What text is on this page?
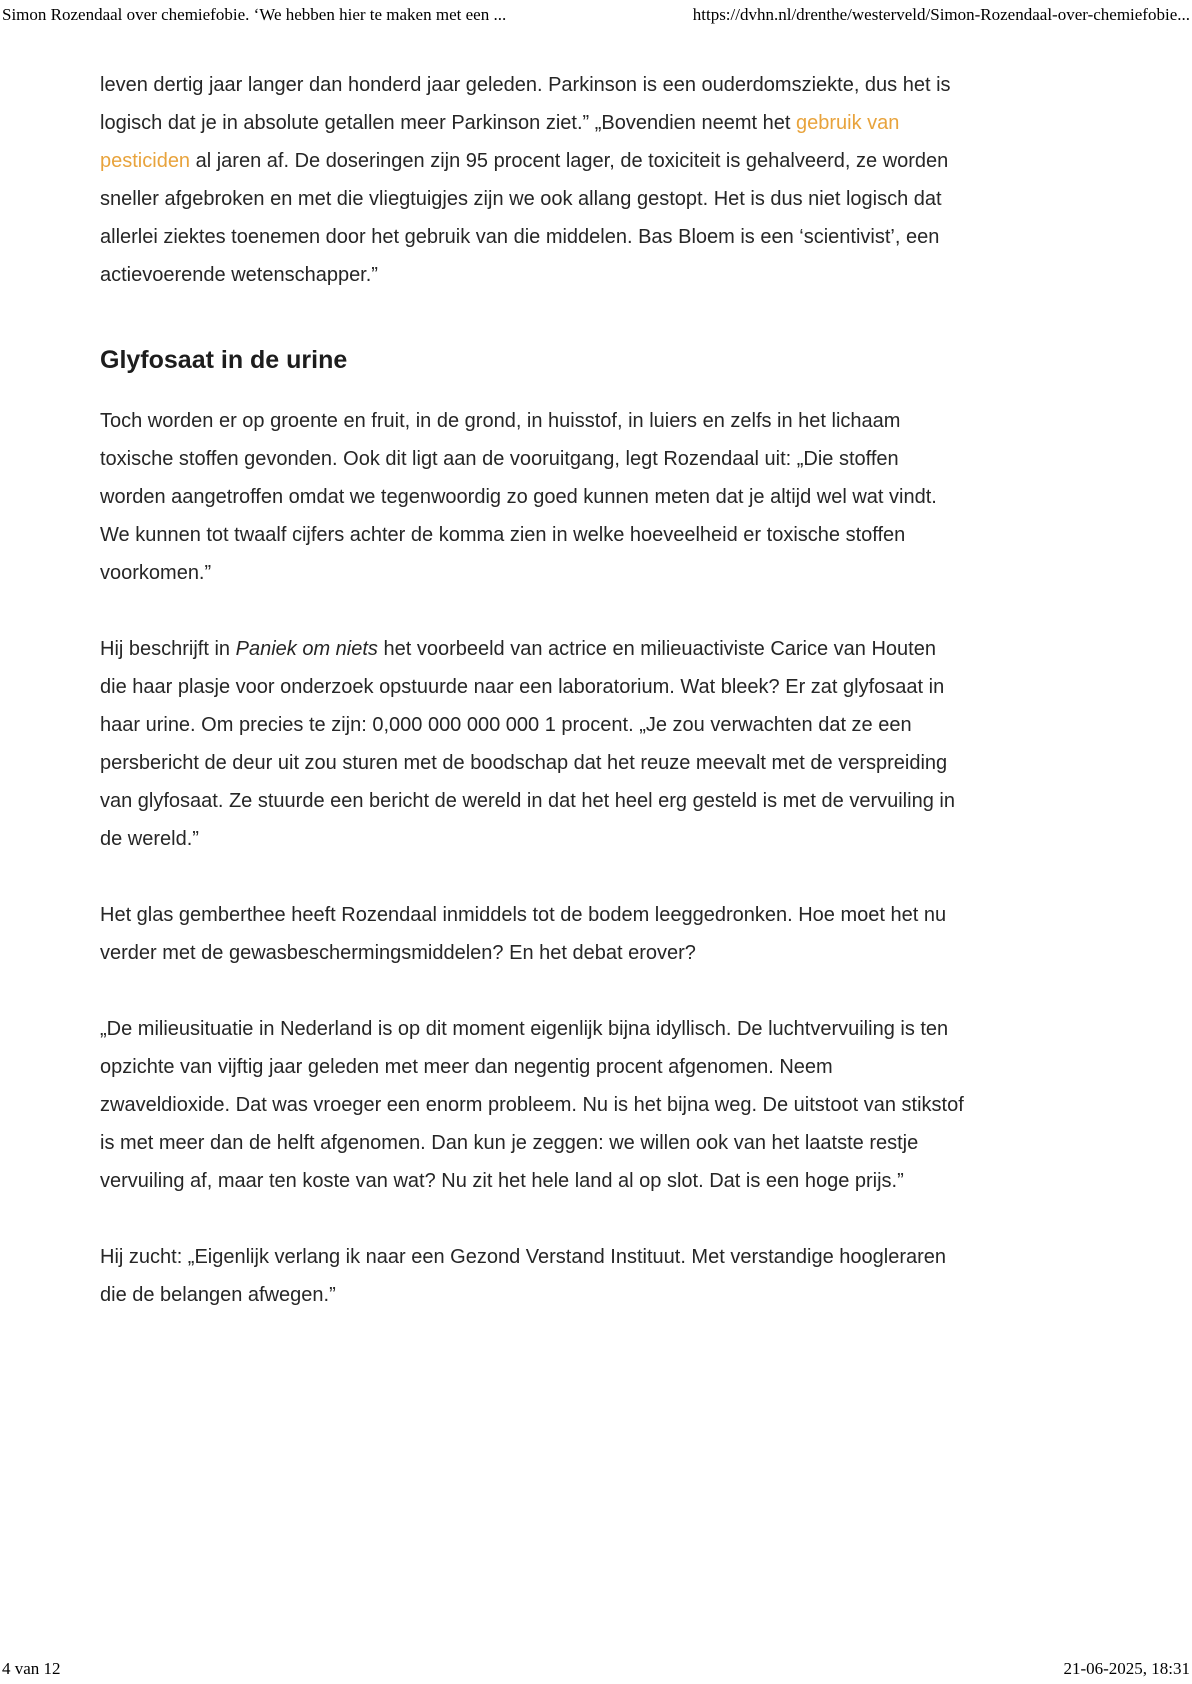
Simon Rozendaal over chemiefobie. ‘We hebben hier te maken met een ...	https://dvhn.nl/drenthe/westerveld/Simon-Rozendaal-over-chemiefobie...

leven dertig jaar langer dan honderd jaar geleden. Parkinson is een ouderdomsziekte, dus het is logisch dat je in absolute getallen meer Parkinson ziet.” „Bovendien neemt het gebruik van pesticiden al jaren af. De doseringen zijn 95 procent lager, de toxiciteit is gehalveerd, ze worden sneller afgebroken en met die vliegtuigjes zijn we ook allang gestopt. Het is dus niet logisch dat allerlei ziektes toenemen door het gebruik van die middelen. Bas Bloem is een ‘scientivist’, een actievoerende wetenschapper.”

Glyfosaat in de urine

Toch worden er op groente en fruit, in de grond, in huisstof, in luiers en zelfs in het lichaam toxische stoffen gevonden. Ook dit ligt aan de vooruitgang, legt Rozendaal uit: „Die stoffen worden aangetroffen omdat we tegenwoordig zo goed kunnen meten dat je altijd wel wat vindt. We kunnen tot twaalf cijfers achter de komma zien in welke hoeveelheid er toxische stoffen voorkomen.”

Hij beschrijft in Paniek om niets het voorbeeld van actrice en milieuactiviste Carice van Houten die haar plasje voor onderzoek opstuurde naar een laboratorium. Wat bleek? Er zat glyfosaat in haar urine. Om precies te zijn: 0,000 000 000 000 1 procent. „Je zou verwachten dat ze een persbericht de deur uit zou sturen met de boodschap dat het reuze meevalt met de verspreiding van glyfosaat. Ze stuurde een bericht de wereld in dat het heel erg gesteld is met de vervuiling in de wereld.”

Het glas gemberthee heeft Rozendaal inmiddels tot de bodem leeggedronken. Hoe moet het nu verder met de gewasbeschermingsmiddelen? En het debat erover?

„De milieusituatie in Nederland is op dit moment eigenlijk bijna idyllisch. De luchtvervuiling is ten opzichte van vijftig jaar geleden met meer dan negentig procent afgenomen. Neem zwaveldioxide. Dat was vroeger een enorm probleem. Nu is het bijna weg. De uitstoot van stikstof is met meer dan de helft afgenomen. Dan kun je zeggen: we willen ook van het laatste restje vervuiling af, maar ten koste van wat? Nu zit het hele land al op slot. Dat is een hoge prijs.”

Hij zucht: „Eigenlijk verlang ik naar een Gezond Verstand Instituut. Met verstandige hoogleraren die de belangen afwegen.”

4 van 12	21-06-2025, 18:31
